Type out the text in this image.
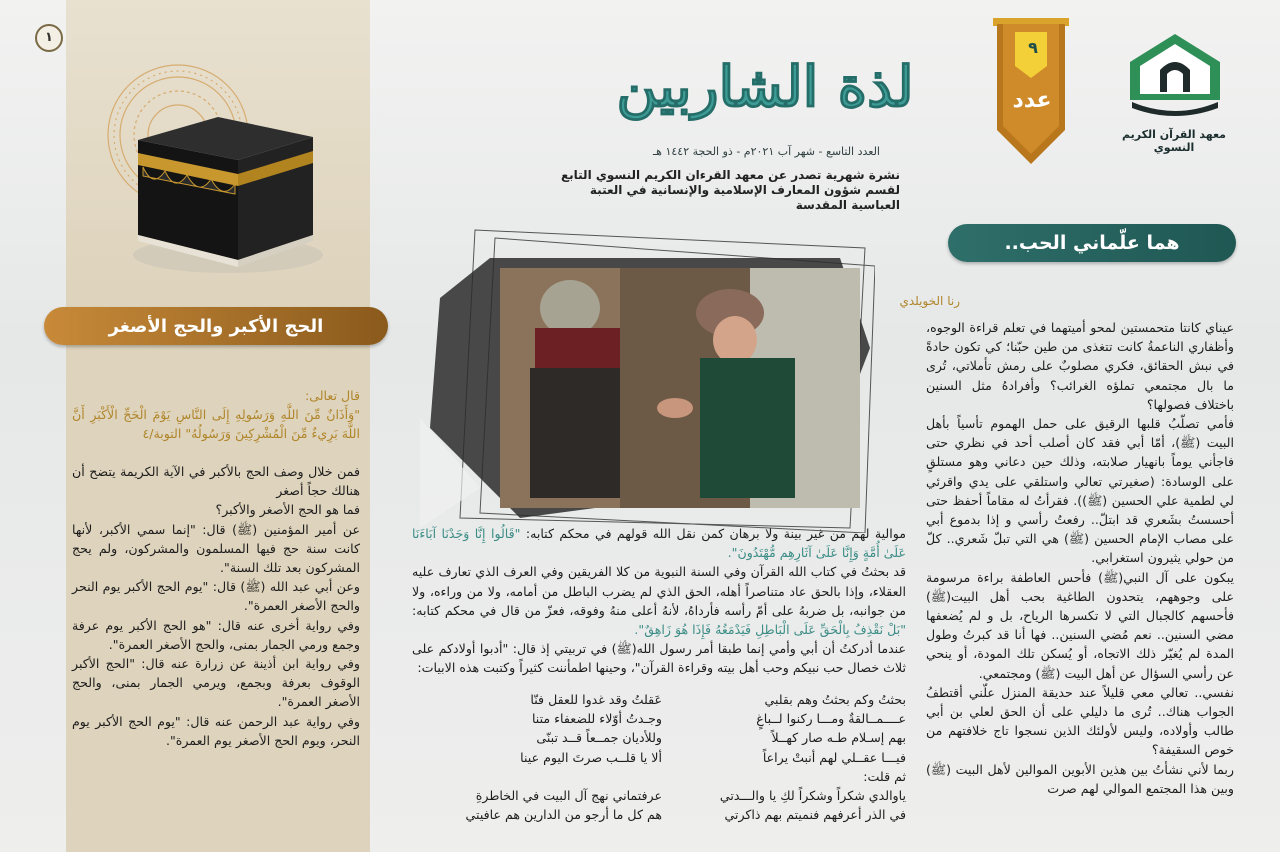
١
الحج الأكبر والحج الأصغر

قال تعالى:

"وَأَذَانٌ مِّنَ اللَّهِ وَرَسُولِهِ إِلَى النَّاسِ يَوْمَ الْحَجِّ الْأَكْبَرِ أَنَّ اللَّهَ بَرِيءٌ مِّنَ الْمُشْرِكِينَ وَرَسُولُهُ" التوبة/٤

فمن خلال وصف الحج بالأكبر في الآية الكريمة يتضح أن هنالك حجاً أصغر

فما هو الحج الأصغر والأكبر؟

عن أمير المؤمنين (ﷺ) قال: "إنما سمي الأكبر، لأنها كانت سنة حج فيها المسلمون والمشركون، ولم يحج المشركون بعد تلك السنة".

وعن أبي عبد الله (ﷺ) قال: "يوم الحج الأكبر يوم النحر والحج الأصغر العمرة".

وفي رواية أخرى عنه قال: "هو الحج الأكبر يوم عرفة وجمع ورمي الجمار بمنى، والحج الأصغر العمرة".

وفي رواية ابن أذينة عن زرارة عنه قال: "الحج الأكبر الوقوف بعرفة وبجمع، ويرمي الجمار بمنى، والحج الأصغر العمرة".

وفي رواية عبد الرحمن عنه قال: "يوم الحج الأكبر يوم النحر، ويوم الحج الأصغر يوم العمرة".

لذة الشاربين
العدد التاسع - شهر آب ٢٠٢١م - ذو الحجة ١٤٤٢ هـ
نشرة شهرية تصدر عن معهد القرءان الكريم النسوي التابع لقسم شؤون المعارف الإسلامية والإنسانية في العتبة العباسية المقدسة
٩
عدد
معهد القرآن الكريم النسوي
هما علّماني الحب..
رنا الخويلدي

عيناي كانتا متحمستين لمحو أميتهما في تعلم قراءة الوجوه، وأظفاري الناعمةُ كانت تتغذى من طين حبّنا؛ كي تكون حادةً في نبش الحقائق، فكري مصلوبٌ على رمش تأملاتي، تُرى ما بال مجتمعي تملؤه الغرائب؟ وأفرادهُ مثل السنين باختلاف فصولها؟

فأمي تصلّبُ قلبها الرقيق على حمل الهموم تأسياً بأهل البيت (ﷺ)، أمّا أبي فقد كان أصلب أحد في نظري حتى فاجأني يوماً بانهيار صلابته، وذلك حين دعاني وهو مستلقٍ على الوسادة: (صغيرتي تعالي واستلقي على يدي واقرئي لي لطمية علي الحسين (ﷺ)). فقرأتُ له مقاماً أحفظ حتى أحسستُ بشَعري قد ابتلّ.. رفعتُ رأسي و إذا بدموع أبي على مصاب الإمام الحسين (ﷺ) هي التي تبلّ شَعري.. كلّ من حولي يثيرون استغرابي.

يبكون على آل النبي(ﷺ) فأحس العاطفة براءة مرسومة على وجوههم، يتحدون الطاغية بحب أهل البيت(ﷺ) فأحسهم كالجبال التي لا تكسرها الرياح، بل و لم يُضعفها مضي السنين.. نعم مُضي السنين.. فها أنا قد كبرتُ وطول المدة لم يُغيّر ذلك الاتجاه، أو يُسكن تلك المودة، أو ينحي عن رأسي السؤال عن أهل البيت (ﷺ) ومجتمعي.

نفسي.. تعالي معي قليلاً عند حديقة المنزل علّني أقتطفُ الجواب هناك.. تُرى ما دليلي على أن الحق لعلي بن أبي طالب وأولاده، وليس لأولئك الذين نسجوا تاج خلافتهم من خوص السقيفة؟

ربما لأني نشأتُ بين هذين الأبوين الموالين لأهل البيت (ﷺ) وبين هذا المجتمع الموالي لهم صرت

موالية لهم من غير بينة ولا برهان كمن نقل الله قولهم في محكم كتابه: "قَالُوا إِنَّا وَجَدْنَا آبَاءَنَا عَلَىٰ أُمَّةٍ وَإِنَّا عَلَىٰ آثَارِهِم مُّهْتَدُونَ".

قد بحثتُ في كتاب الله القرآن وفي السنة النبوية من كلا الفريقين وفي العرف الذي تعارف عليه العقلاء، وإذا بالحق عاد متناصراً أهله، الحق الذي لم يضرب الباطل من أمامه، ولا من وراءه، ولا من جوانبه، بل ضربهُ على أمّ رأسه فأرداهُ، لأنهُ أعلى منهُ وفوقه، فعزّ من قال في محكم كتابه: "بَلْ نَقْذِفُ بِالْحَقِّ عَلَى الْبَاطِلِ فَيَدْمَغُهُ فَإِذَا هُوَ زَاهِقٌ".

عندما أدركتُ أن أبي وأمي إنما طبقا أمر رسول الله(ﷺ) في تربيتي إذ قال: "أدبوا أولادكم على ثلاث خصال حب نبيكم وحب أهل بيته وقراءة القرآن"، وحينها اطمأننت كثيراً وكتبت هذه الابيات:

بحثتُ وكم بحثتُ وهم بقلبي
عــــمــالقةٌ ومـــا ركنوا لــباغٍ
بهم إسـلام طـه صار كهــلاً
فيـــا عقــلي لهم أنبتْ يراعاً
ثم قلت:
ياوالدي شكراً وشكراً لكِ يا والـــدتي
في الذر أعرفهم فنميتم بهم ذاكرتي
عَقلتُ وقد غدوا للعقل فنّا
وجـدتُ أوّلاء للضعفاء متنا
وللأديان جمــعاً قــد تبنّى
ألا يا قلــب صرتَ اليوم عينا
عرفتماني نهج آل البيت في الخاطرةِ
هم كل ما أرجو من الدارين هم عافيتي
